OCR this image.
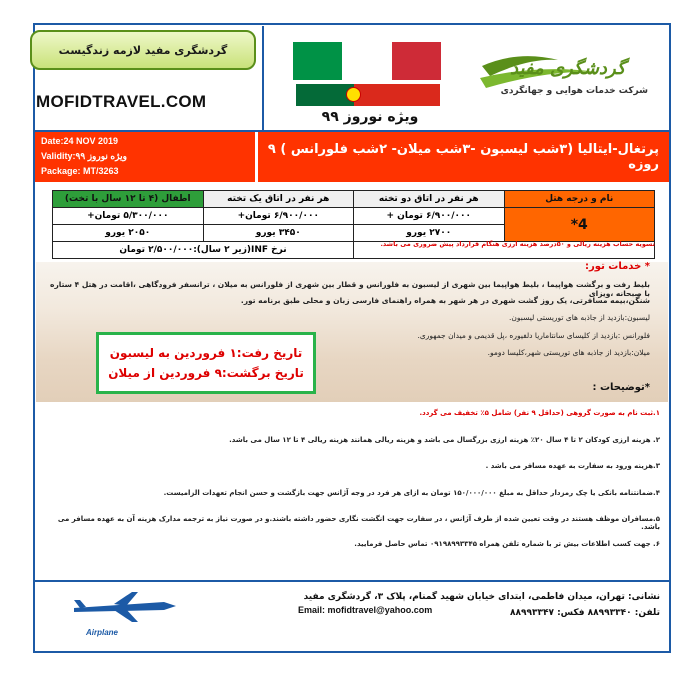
گردشگری مفید لازمه زندگیست
MOFIDTRAVEL.COM
ویژه نوروز ۹۹
گردشگری مفید
شرکت خدمات هوایی و جهانگردی
Date:24 NOV 2019
Validity:ویژه نوروز ۹۹
Package: MT/3263
پرتغال-ایتالیا (۳شب لیسبون -۳شب میلان- ۲شب فلورانس ) ۹ روزه
نام و درجه هتل	هر نفر در اتاق دو تخته	هر نفر در اتاق یک تخته	اطفال (۴ تا ۱۲ سال با تخت)
4*	۶/۹۰۰/۰۰۰ تومان +	۶/۹۰۰/۰۰۰ تومان+	۵/۳۰۰/۰۰۰ تومان+
	۲۷۰۰ یورو	۳۴۵۰ یورو	۲۰۵۰ یورو
		نرخ INF(زیر ۲ سال):۲/۵۰۰/۰۰۰ تومان	
تسویه حساب هزینه ریالی و ۵۰درصد هزینه ارزی هنگام قرارداد پیش ضروری می باشد.
* خدمات تور:
بلیط رفت و برگشت هواپیما ، بلیط هواپیما بین شهری از لیسبون به فلورانس و قطار بین شهری از فلورانس به میلان ، ترانسفر فرودگاهی ،اقامت در هتل ۴ ستاره با صبحانه ،ویزای
شنگن،بیمه مسافرتی، یک روز گشت شهری در هر شهر به همراه راهنمای فارسی زبان و محلی طبق برنامه تور.
لیسبون:بازدید از جاذبه های توریستی لیسبون.
فلورانس :بازدید از کلیسای سانتاماریا دلفیوره ،پل قدیمی و میدان جمهوری.
میلان:بازدید از جاذبه های توریستی شهر،کلیسا دومو.
تاریخ رفت:۱ فروردین به لیسبون
تاریخ برگشت:۹ فروردین از میلان
*توضیحات :
۱.ثبت نام به صورت گروهی (حداقل ۹ نفر) شامل ۵٪ تخفیف می گردد.
۲. هزینه ارزی کودکان ۲ تا ۴ سال ۲۰٪ هزینه ارزی بزرگسال می باشد و هزینه ریالی همانند هزینه ریالی ۴ تا ۱۲ سال می باشد.
۳.هزینه ورود به سفارت به عهده مسافر می باشد .
۴.ضمانتنامه بانکی یا چک رمزدار حداقل به مبلغ ۱۵۰/۰۰۰/۰۰۰ تومان به ازای هر فرد در وجه آژانس جهت بازگشت و حسن انجام تعهدات الزامیست.
۵.مسافران موظف هستند در وقت تعیین شده از طرف آژانس ، در سفارت جهت انگشت نگاری حضور داشته باشند.و در صورت نیاز به ترجمه مدارک هزینه آن به عهده مسافر می باشد.
۶. جهت کسب اطلاعات بیش تر با شماره تلفن همراه ۰۹۱۹۸۹۹۳۳۴۵ تماس حاصل فرمایید.
Airplane
نشانی: تهران، میدان فاطمی، ابتدای خیابان شهید گمنام، پلاک ۳، گردشگری مفید
تلفن: ۸۸۹۹۳۳۴۰ فکس: ۸۸۹۹۳۳۴۷
Email: mofidtravel@yahoo.com
